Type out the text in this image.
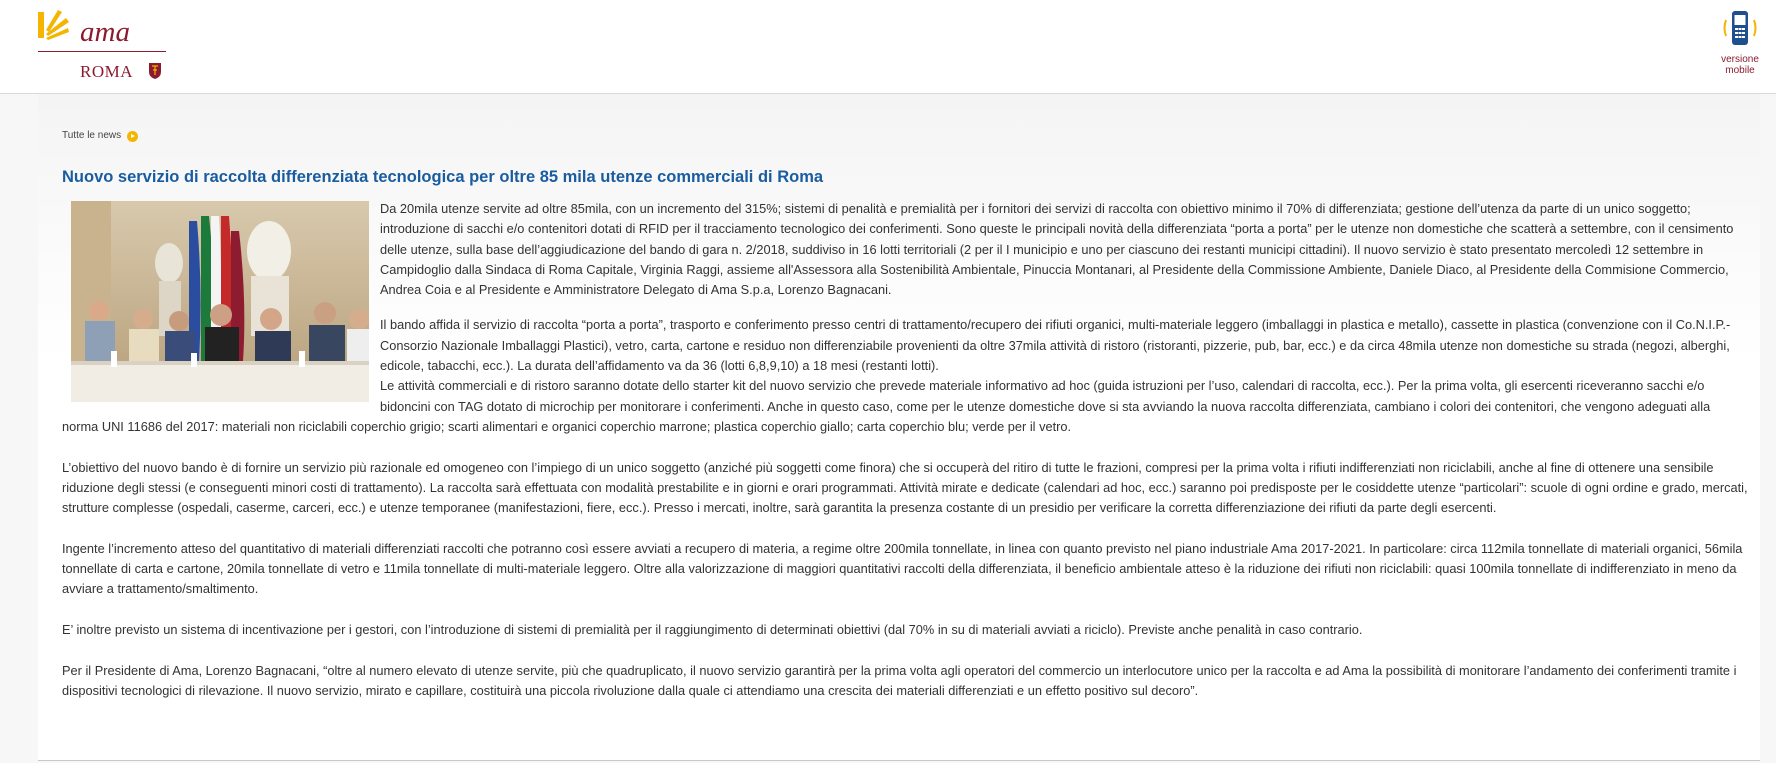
ama
ROMA
versione
mobile
Tutte le news
Nuovo servizio di raccolta differenziata tecnologica per oltre 85 mila utenze commerciali di Roma

Da 20mila utenze servite ad oltre 85mila, con un incremento del 315%; sistemi di penalità e premialità per i fornitori dei servizi di raccolta con obiettivo minimo il 70% di differenziata; gestione dell’utenza da parte di un unico soggetto; introduzione di sacchi e/o contenitori dotati di RFID per il tracciamento tecnologico dei conferimenti. Sono queste le principali novità della differenziata “porta a porta” per le utenze non domestiche che scatterà a settembre, con il censimento delle utenze, sulla base dell’aggiudicazione del bando di gara n. 2/2018, suddiviso in 16 lotti territoriali (2 per il I municipio e uno per ciascuno dei restanti municipi cittadini). Il nuovo servizio è stato presentato mercoledì 12 settembre in Campidoglio dalla Sindaca di Roma Capitale, Virginia Raggi, assieme all'Assessora alla Sostenibilità Ambientale, Pinuccia Montanari, al Presidente della Commissione Ambiente, Daniele Diaco, al Presidente della Commisione Commercio, Andrea Coia e al Presidente e Amministratore Delegato di Ama S.p.a, Lorenzo Bagnacani.

Il bando affida il servizio di raccolta “porta a porta”, trasporto e conferimento presso centri di trattamento/recupero dei rifiuti organici, multi-materiale leggero (imballaggi in plastica e metallo), cassette in plastica (convenzione con il Co.N.I.P.-Consorzio Nazionale Imballaggi Plastici), vetro, carta, cartone e residuo non differenziabile provenienti da oltre 37mila attività di ristoro (ristoranti, pizzerie, pub, bar, ecc.) e da circa 48mila utenze non domestiche su strada (negozi, alberghi, edicole, tabacchi, ecc.). La durata dell’affidamento va da 36 (lotti 6,8,9,10) a 18 mesi (restanti lotti).

Le attività commerciali e di ristoro saranno dotate dello starter kit del nuovo servizio che prevede materiale informativo ad hoc (guida istruzioni per l’uso, calendari di raccolta, ecc.). Per la prima volta, gli esercenti riceveranno sacchi e/o bidoncini con TAG dotato di microchip per monitorare i conferimenti. Anche in questo caso, come per le utenze domestiche dove si sta avviando la nuova raccolta differenziata, cambiano i colori dei contenitori, che vengono adeguati alla norma UNI 11686 del 2017: materiali non riciclabili coperchio grigio; scarti alimentari e organici coperchio marrone; plastica coperchio giallo; carta coperchio blu; verde per il vetro.

L’obiettivo del nuovo bando è di fornire un servizio più razionale ed omogeneo con l’impiego di un unico soggetto (anziché più soggetti come finora) che si occuperà del ritiro di tutte le frazioni, compresi per la prima volta i rifiuti indifferenziati non riciclabili, anche al fine di ottenere una sensibile riduzione degli stessi (e conseguenti minori costi di trattamento). La raccolta sarà effettuata con modalità prestabilite e in giorni e orari programmati. Attività mirate e dedicate (calendari ad hoc, ecc.) saranno poi predisposte per le cosiddette utenze “particolari”: scuole di ogni ordine e grado, mercati, strutture complesse (ospedali, caserme, carceri, ecc.) e utenze temporanee (manifestazioni, fiere, ecc.). Presso i mercati, inoltre, sarà garantita la presenza costante di un presidio per verificare la corretta differenziazione dei rifiuti da parte degli esercenti.

Ingente l’incremento atteso del quantitativo di materiali differenziati raccolti che potranno così essere avviati a recupero di materia, a regime oltre 200mila tonnellate, in linea con quanto previsto nel piano industriale Ama 2017-2021. In particolare: circa 112mila tonnellate di materiali organici, 56mila tonnellate di carta e cartone, 20mila tonnellate di vetro e 11mila tonnellate di multi-materiale leggero. Oltre alla valorizzazione di maggiori quantitativi raccolti della differenziata, il beneficio ambientale atteso è la riduzione dei rifiuti non riciclabili: quasi 100mila tonnellate di indifferenziato in meno da avviare a trattamento/smaltimento.

E’ inoltre previsto un sistema di incentivazione per i gestori, con l’introduzione di sistemi di premialità per il raggiungimento di determinati obiettivi (dal 70% in su di materiali avviati a riciclo). Previste anche penalità in caso contrario.

Per il Presidente di Ama, Lorenzo Bagnacani, “oltre al numero elevato di utenze servite, più che quadruplicato, il nuovo servizio garantirà per la prima volta agli operatori del commercio un interlocutore unico per la raccolta e ad Ama la possibilità di monitorare l’andamento dei conferimenti tramite i dispositivi tecnologici di rilevazione. Il nuovo servizio, mirato e capillare, costituirà una piccola rivoluzione dalla quale ci attendiamo una crescita dei materiali differenziati e un effetto positivo sul decoro”.
